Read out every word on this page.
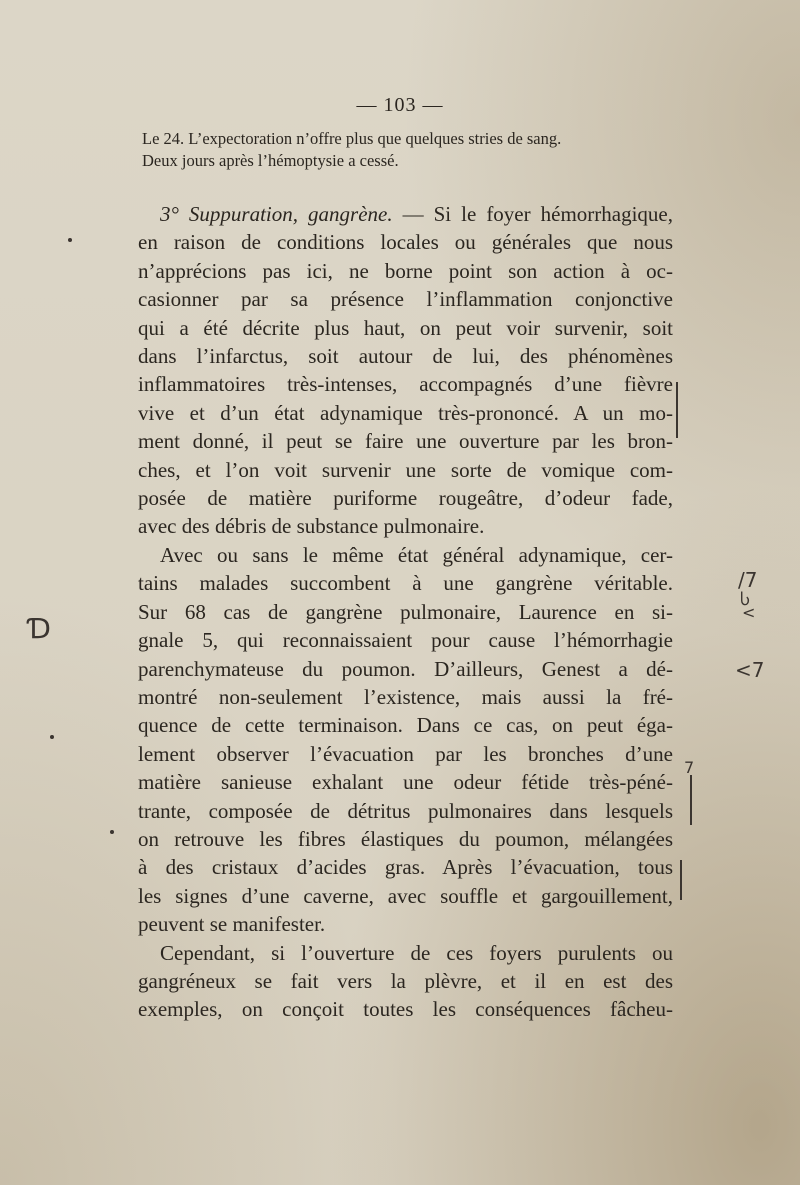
— 103 —
Le 24. L’expectoration n’offre plus que quelques stries de sang.
Deux jours après l’hémoptysie a cessé.
3° Suppuration, gangrène. — Si le foyer hémorrhagique,
en raison de conditions locales ou générales que nous
n’apprécions pas ici, ne borne point son action à oc-
casionner par sa présence l’inflammation conjonctive
qui a été décrite plus haut, on peut voir survenir, soit
dans l’infarctus, soit autour de lui, des phénomènes
inflammatoires très-intenses, accompagnés d’une fièvre
vive et d’un état adynamique très-prononcé. A un mo-
ment donné, il peut se faire une ouverture par les bron-
ches, et l’on voit survenir une sorte de vomique com-
posée de matière puriforme rougeâtre, d’odeur fade,
avec des débris de substance pulmonaire.
Avec ou sans le même état général adynamique, cer-
tains malades succombent à une gangrène véritable.
Sur 68 cas de gangrène pulmonaire, Laurence en si-
gnale 5, qui reconnaissaient pour cause l’hémorrhagie
parenchymateuse du poumon. D’ailleurs, Genest a dé-
montré non-seulement l’existence, mais aussi la fré-
quence de cette terminaison. Dans ce cas, on peut éga-
lement observer l’évacuation par les bronches d’une
matière sanieuse exhalant une odeur fétide très-péné-
trante, composée de détritus pulmonaires dans lesquels
on retrouve les fibres élastiques du poumon, mélangées
à des cristaux d’acides gras. Après l’évacuation, tous
les signes d’une caverne, avec souffle et gargouillement,
peuvent se manifester.
Cependant, si l’ouverture de ces foyers purulents ou
gangréneux se fait vers la plèvre, et il en est des
exemples, on conçoit toutes les conséquences fâcheu-
Ɗ
/7
Ⴑ
<
<7
7
